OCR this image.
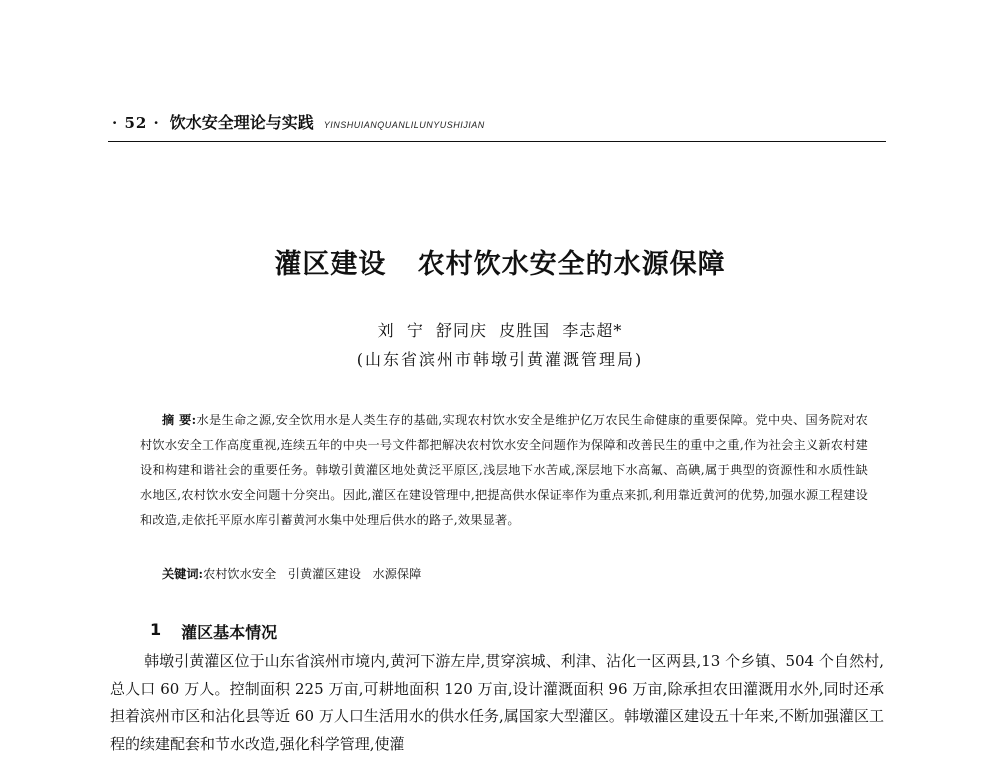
· 52 · 饮水安全理论与实践 YINSHUIANQUANLILUNYUSHIJIAN
灌区建设   农村饮水安全的水源保障
刘  宁  舒同庆  皮胜国  李志超*
(山东省滨州市韩墩引黄灌溉管理局)
摘 要:水是生命之源,安全饮用水是人类生存的基础,实现农村饮水安全是维护亿万农民生命健康的重要保障。党中央、国务院对农村饮水安全工作高度重视,连续五年的中央一号文件都把解决农村饮水安全问题作为保障和改善民生的重中之重,作为社会主义新农村建设和构建和谐社会的重要任务。韩墩引黄灌区地处黄泛平原区,浅层地下水苦咸,深层地下水高氟、高碘,属于典型的资源性和水质性缺水地区,农村饮水安全问题十分突出。因此,灌区在建设管理中,把提高供水保证率作为重点来抓,利用靠近黄河的优势,加强水源工程建设和改造,走依托平原水库引蓄黄河水集中处理后供水的路子,效果显著。
关键词:农村饮水安全   引黄灌区建设   水源保障
1 灌区基本情况
韩墩引黄灌区位于山东省滨州市境内,黄河下游左岸,贯穿滨城、利津、沾化一区两县,13 个乡镇、504 个自然村,总人口 60 万人。控制面积 225 万亩,可耕地面积 120 万亩,设计灌溉面积 96 万亩,除承担农田灌溉用水外,同时还承担着滨州市区和沾化县等近 60 万人口生活用水的供水任务,属国家大型灌区。韩墩灌区建设五十年来,不断加强灌区工程的续建配套和节水改造,强化科学管理,使灌
